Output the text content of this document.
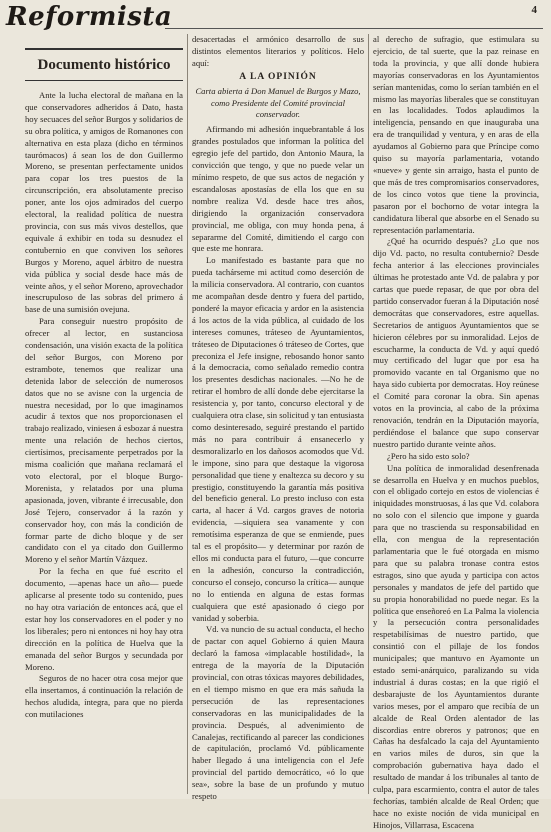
Reformista	4
Documento histórico

Ante la lucha electoral de mañana en la que conservadores adheridos á Dato, hasta hoy secuaces del señor Burgos y solidarios de su obra política, y amigos de Romanones con alternativa en esta plaza (dicho en términos taurómacos) á sean los de don Guillermo Moreno, se presentan perfectamente unidos para copar los tres puestos de la circunscripción, era absolutamente preciso poner, ante los ojos admirados del cuerpo electoral, la realidad política de nuestra provincia, con sus más vivos destellos, que equivale á exhibir en toda su desnudez el contubernio en que conviven los señores Burgos y Moreno, aquel árbitro de nuestra vida pública y social desde hace más de veinte años, y el señor Moreno, aprovechador inescrupuloso de las sobras del primero á base de una sumisión ovejuna.

Para conseguir nuestro propósito de ofrecer al lector, en sustanciosa condensación, una visión exacta de la política del señor Burgos, con Moreno por estrambote, tenemos que realizar una detenida labor de selección de numerosos datos que no se avisne con la urgencia de nuestra necesidad, por lo que imaginamos acudir á textos que nos proporcionasen el trabajo realizado, viniesen á esbozar á nuestra mente una relación de hechos ciertos, ciertísimos, precisamente perpetrados por la misma coalición que mañana reclamará el voto electoral, por el bloque Burgo-Morenista, y relatados por una pluma apasionada, joven, vibrante é irrecusable, don José Tejero, conservador á la razón y conservador hoy, con más la condición de formar parte de dicho bloque y de ser candidato con el ya citado don Guillermo Moreno y el señor Martín Vázquez.

Por la fecha en que fué escrito el documento, —apenas hace un año— puede aplicarse al presente todo su contenido, pues no hay otra variación de entonces acá, que el estar hoy los conservadores en el poder y no los liberales; pero ni entonces ni hoy hay otra dirección en la política de Huelva que la emanada del señor Burgos y secundada por Moreno.

Seguros de no hacer otra cosa mejor que ella insertamos, á continuación la relación de hechos aludida, íntegra, para que no pierda con mutilaciones

desacertadas el armónico desarrollo de sus distintos elementos literarios y políticos. Helo aquí:

A LA OPINIÓN

Carta abierta á Don Manuel de Burgos y Mazo, como Presidente del Comité provincial conservador.

Afirmando mi adhesión inquebrantable á los grandes postulados que informan la política del egregio jefe del partido, don Antonio Maura, la convicción que tengo, y que no puede velar un mínimo respeto, de que sus actos de negación y escandalosas apostasías de ella los que en su nombre realiza Vd. desde hace tres años, dirigiendo la organización conservadora provincial, me obliga, con muy honda pena, á separarme del Comité, dimitiendo el cargo con que este me honrara.

Lo manifestado es bastante para que no pueda tachárseme mi actitud como deserción de la milicia conservadora. Al contrario, con cuantos me acompañan desde dentro y fuera del partido, ponderé la mayor eficacia y ardor en la asistencia á los actos de la vida pública, al cuidado de los intereses comunes, tráteseo de Ayuntamientos, tráteseo de Diputaciones ó tráteseo de Cortes, que preconiza el Jefe insigne, rebosando honor santo á la democracia, como señalado remedio contra los presentes desdichas nacionales. —No he de retirar el hombro de allí donde debe ejercitarse la resistencia y, por tanto, concurso electoral y de cualquiera otra clase, sin solicitud y tan entusiasta como desinteresado, seguiré prestando el partido más no para contribuir á ensanecerlo y desmoralizarlo en los dañosos acomodos que Vd. le impone, sino para que destaque la vigorosa personalidad que tiene y enaltezca su decoro y su prestigio, constituyendo la garantía más positiva del beneficio general. Lo presto incluso con esta carta, al hacer á Vd. cargos graves de notoria evidencia, —siquiera sea vanamente y con remotísima esperanza de que se enmiende, pues tal es el propósito— y determinar por razón de ellos mi conducta para el futuro, —que concurre en la adhesión, concurso la contradicción, concurso el consejo, concurso la crítica— aunque no lo entienda en alguna de estas formas cualquiera que esté apasionado ó ciego por vanidad y soberbia.

Vd. va nuncio de su actual conducta, el hecho de pactar con aquel Gobierno á quien Maura declaró la famosa «implacable hostilidad», la entrega de la mayoría de la Diputación provincial, con otras tóxicas mayores debilidades, en el tiempo mismo en que era más sañuda la persecución de las representaciones conservadoras en las municipalidades de la provincia. Después, al advenimiento de Canalejas, rectificando al parecer las condiciones de capitulación, proclamó Vd. públicamente haber llegado á una inteligencia con el Jefe provincial del partido democrático, «ó lo que sea», sobre la base de un profundo y mutuo respeto

al derecho de sufragio, que estimulara su ejercicio, de tal suerte, que la paz reinase en toda la provincia, y que allí donde hubiera mayorías conservadoras en los Ayuntamientos serían mantenidas, como lo serían también en el mismo las mayorías liberales que se constituyan en las localidades. Todos aplaudimos la inteligencia, pensando en que inauguraba una era de tranquilidad y ventura, y en aras de ella ayudamos al Gobierno para que Príncipe como quiso su mayoría parlamentaria, votando «nueve» y gente sin arraigo, hasta el punto de que más de tres compromisarios conservadores, de los cinco votos que tiene la provincia, pasaron por el bochorno de votar integra la candidatura liberal que absorbe en el Senado su representación parlamentaria.

¿Qué ha ocurrido después? ¿Lo que nos dijo Vd. pacto, no resulta contubernio? Desde fecha anterior á las elecciones provinciales últimas he protestado ante Vd. de palabra y por cartas que puede repasar, de que por obra del partido conservador fueran á la Diputación nosé democrátas que conservadores, estre aquellas. Secretarios de antiguos Ayuntamientos que se hicieron célebres por su inmoralidad. Lejos de escucharme, la conducta de Vd. y aquí quedó muy certificado del lugar que por esa ha promovido vacante en tal Organismo que no haya sido cubierta por democratas. Hoy reúnese el Comité para coronar la obra. Sin apenas votos en la provincia, al cabo de la próxima renovación, tendrán en la Diputación mayoría, perdiéndose el balance que supo conservar nuestro partido durante veinte años.

¿Pero ha sido esto solo?

Una política de inmoralidad desenfrenada se desarrolla en Huelva y en muchos pueblos, con el obligado cortejo en estos de violencias é iniquidades monstruosas, á las que Vd. colabora no solo con el silencio que impone y guarda para que no trascienda su responsabilidad en ella, con mengua de la representación parlamentaria que le fué otorgada en mismo para que su palabra tronase contra estos estragos, sino que ayuda y participa con actos personales y mandatos de jefe del partido que su propia honorabilidad no puede negar. Es la política que enseñoreó en La Palma la violencia y la persecución contra personalidades respetabilísimas de nuestro partido, que consintió con el pillaje de los fondos municipales; que mantuvo en Ayamonte un estado semi-anárquico, paralizando su vida industrial á duras costas; en la que rigió el desbarajuste de los Ayuntamientos durante varios meses, por el amparo que recibía de un alcalde de Real Orden alentador de las discordias entre obreros y patronos; que en Cañas ha desfalcado la caja del Ayuntamiento en varios miles de duros, sin que la comprobación gubernativa haya dado el resultado de mandar á los tribunales al tanto de culpa, para escarmiento, contra el autor de tales fechorías, también alcalde de Real Orden; que hace no existe noción de vida municipal en Hinojos, Villarrasa, Escacena
